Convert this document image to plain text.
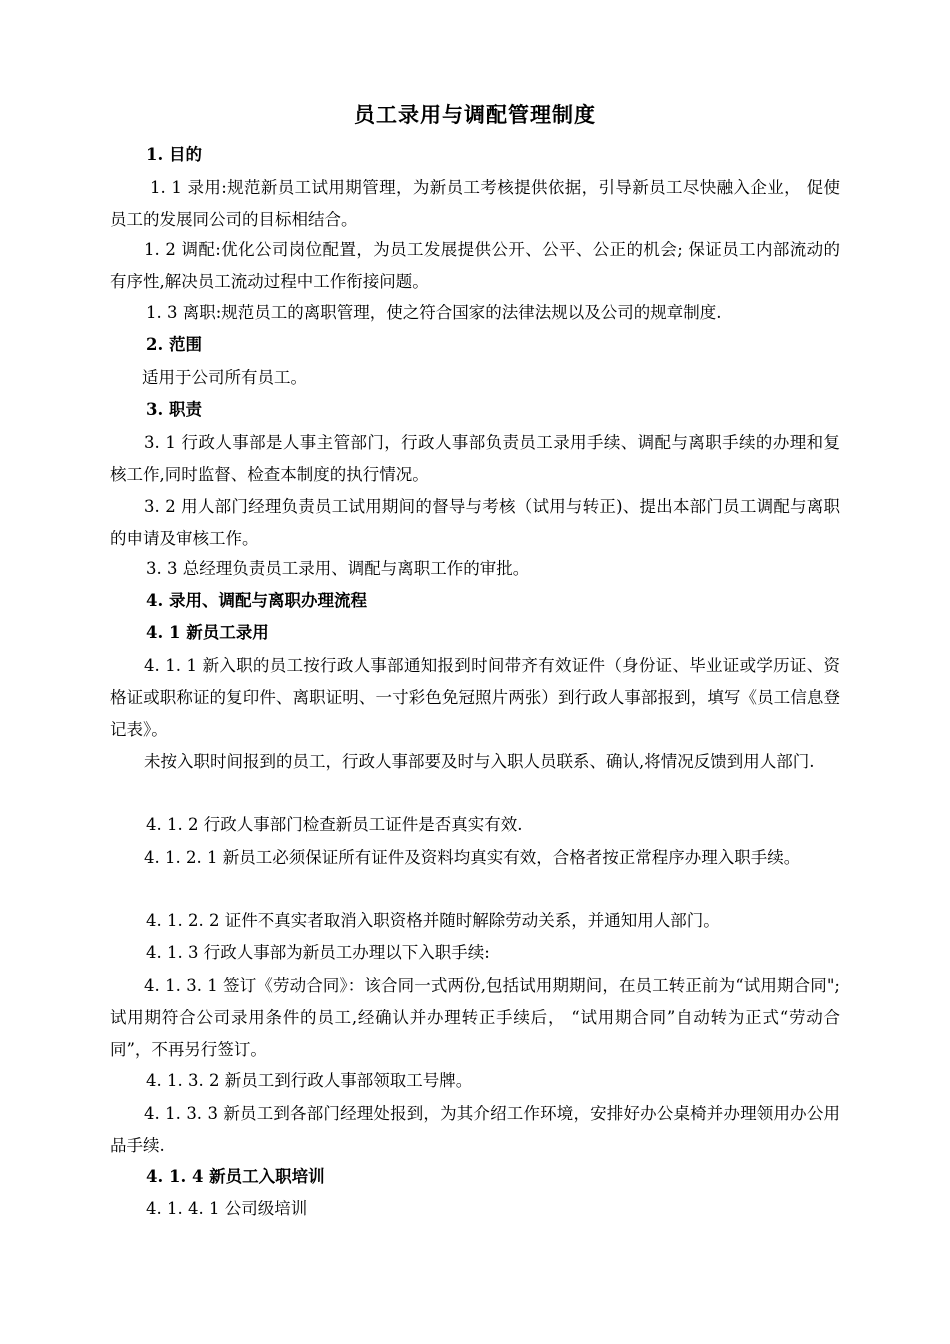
员工录用与调配管理制度
1. 目的
1. 1 录用:规范新员工试用期管理，为新员工考核提供依据，引导新员工尽快融入企业， 促使员工的发展同公司的目标相结合。
1. 2 调配:优化公司岗位配置，为员工发展提供公开、公平、公正的机会; 保证员工内部流动的有序性,解决员工流动过程中工作衔接问题。
1. 3 离职:规范员工的离职管理，使之符合国家的法律法规以及公司的规章制度.
2. 范围
适用于公司所有员工。
3. 职责
3. 1 行政人事部是人事主管部门，行政人事部负责员工录用手续、调配与离职手续的办理和复核工作,同时监督、检查本制度的执行情况。
3. 2 用人部门经理负责员工试用期间的督导与考核（试用与转正)、提出本部门员工调配与离职的申请及审核工作。
3. 3 总经理负责员工录用、调配与离职工作的审批。
4. 录用、调配与离职办理流程
4. 1 新员工录用
4. 1. 1 新入职的员工按行政人事部通知报到时间带齐有效证件（身份证、毕业证或学历证、资格证或职称证的复印件、离职证明、一寸彩色免冠照片两张）到行政人事部报到，填写《员工信息登记表》。
未按入职时间报到的员工，行政人事部要及时与入职人员联系、确认,将情况反馈到用人部门.
4. 1. 2 行政人事部门检查新员工证件是否真实有效.
4. 1. 2. 1 新员工必须保证所有证件及资料均真实有效，合格者按正常程序办理入职手续。
4. 1. 2. 2 证件不真实者取消入职资格并随时解除劳动关系，并通知用人部门。
4. 1. 3 行政人事部为新员工办理以下入职手续:
4. 1. 3. 1 签订《劳动合同》：该合同一式两份,包括试用期期间，在员工转正前为“试用期合同";试用期符合公司录用条件的员工,经确认并办理转正手续后， “试用期合同”自动转为正式“劳动合同”，不再另行签订。
4. 1. 3. 2 新员工到行政人事部领取工号牌。
4. 1. 3. 3 新员工到各部门经理处报到，为其介绍工作环境，安排好办公桌椅并办理领用办公用品手续.
4. 1. 4 新员工入职培训
4. 1. 4. 1 公司级培训
